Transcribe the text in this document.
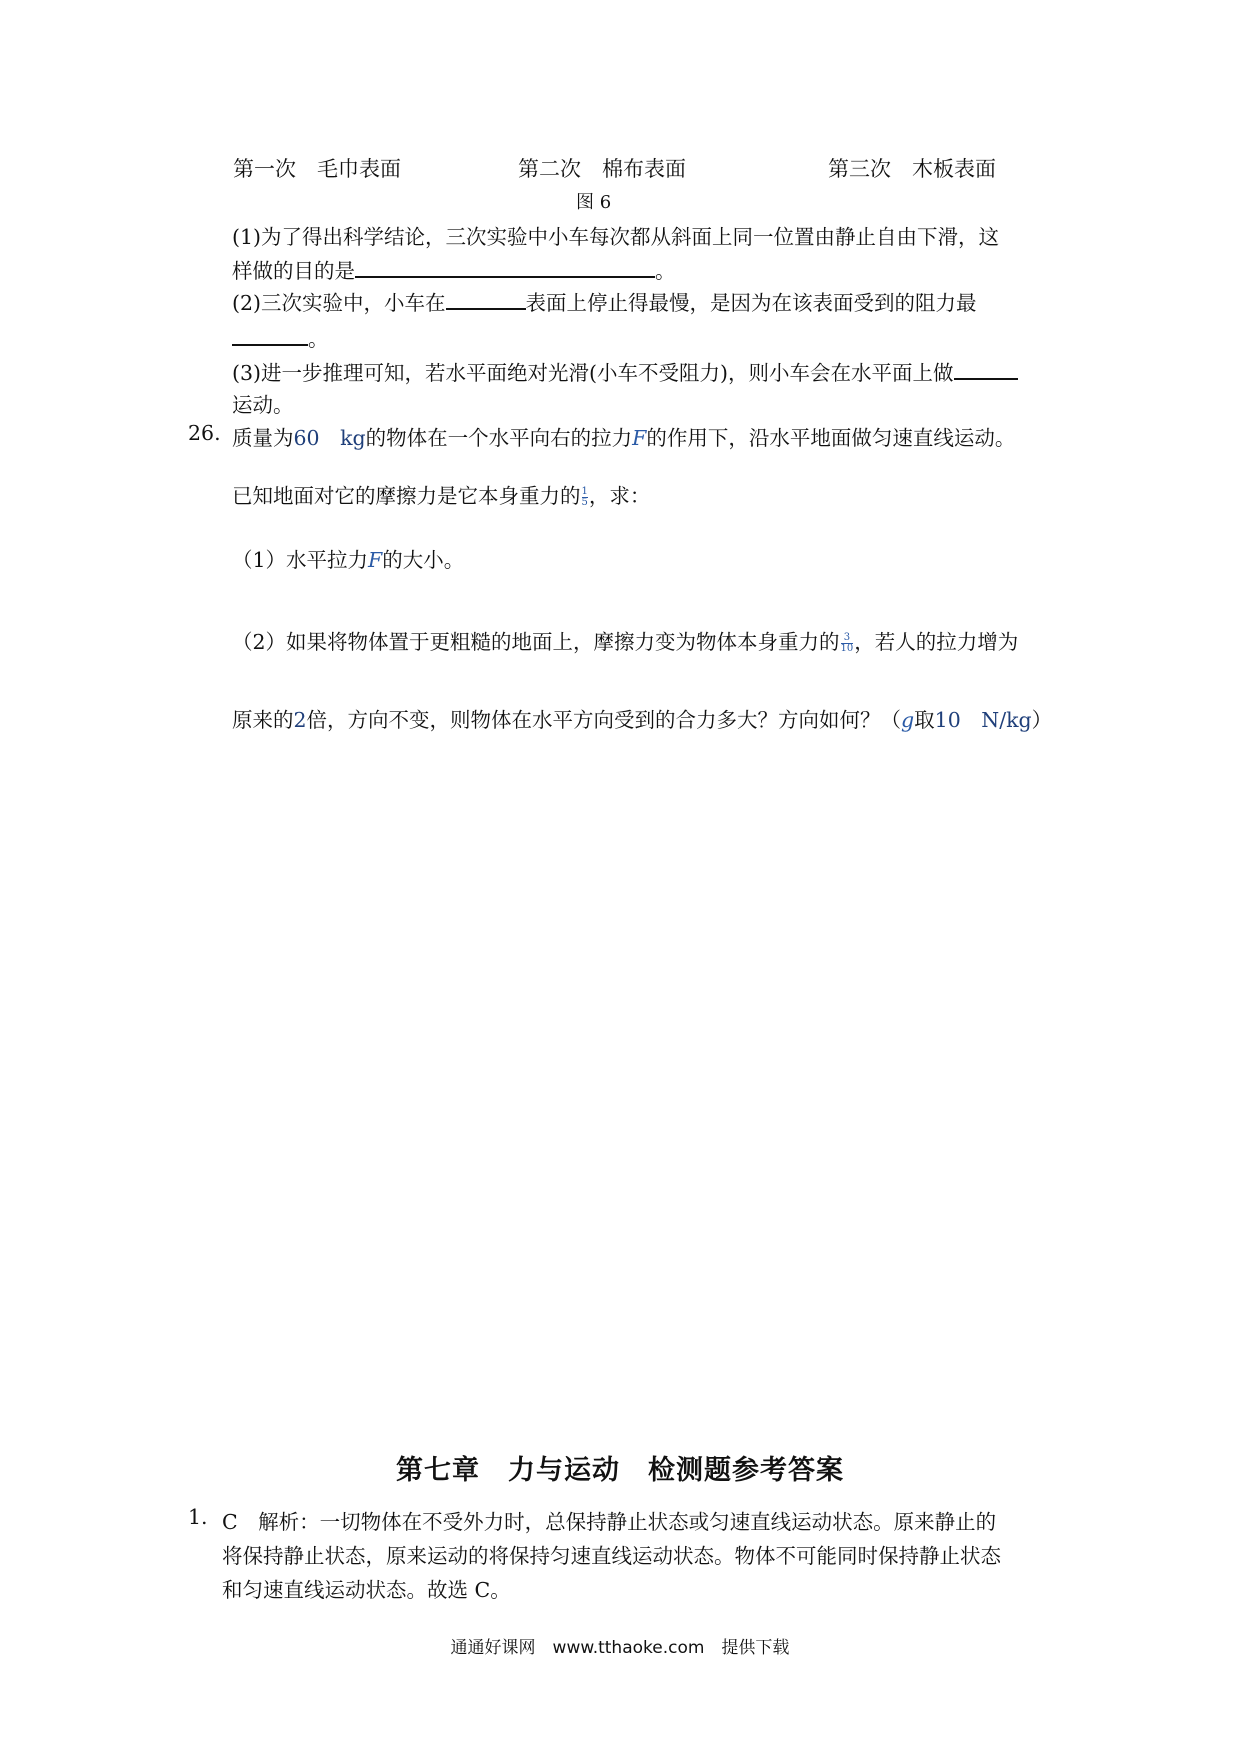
第一次　毛巾表面	第二次　棉布表面	第三次　木板表面
图 6
(1)为了得出科学结论，三次实验中小车每次都从斜面上同一位置由静止自由下滑，这
样做的目的是	。
(2)三次实验中，小车在	表面上停止得最慢，是因为在该表面受到的阻力最
。
(3)进一步推理可知，若水平面绝对光滑(小车不受阻力)，则小车会在水平面上做
运动。
26. 质量为60　kg的物体在一个水平向右的拉力F的作用下，沿水平地面做匀速直线运动。
已知地面对它的摩擦力是它本身重力的 $\frac{1}{5}$ ，求：
（1）水平拉力F的大小。
（2）如果将物体置于更粗糙的地面上，摩擦力变为物体本身重力的 $\frac{3}{10}$ ，若人的拉力增为
原来的2倍，方向不变，则物体在水平方向受到的合力多大？方向如何？（g取10　N/kg）
第七章　力与运动　检测题参考答案
1. C　解析：一切物体在不受外力时，总保持静止状态或匀速直线运动状态。原来静止的
将保持静止状态，原来运动的将保持匀速直线运动状态。物体不可能同时保持静止状态
和匀速直线运动状态。故选 C。
通通好课网　www.tthaoke.com　提供下载
